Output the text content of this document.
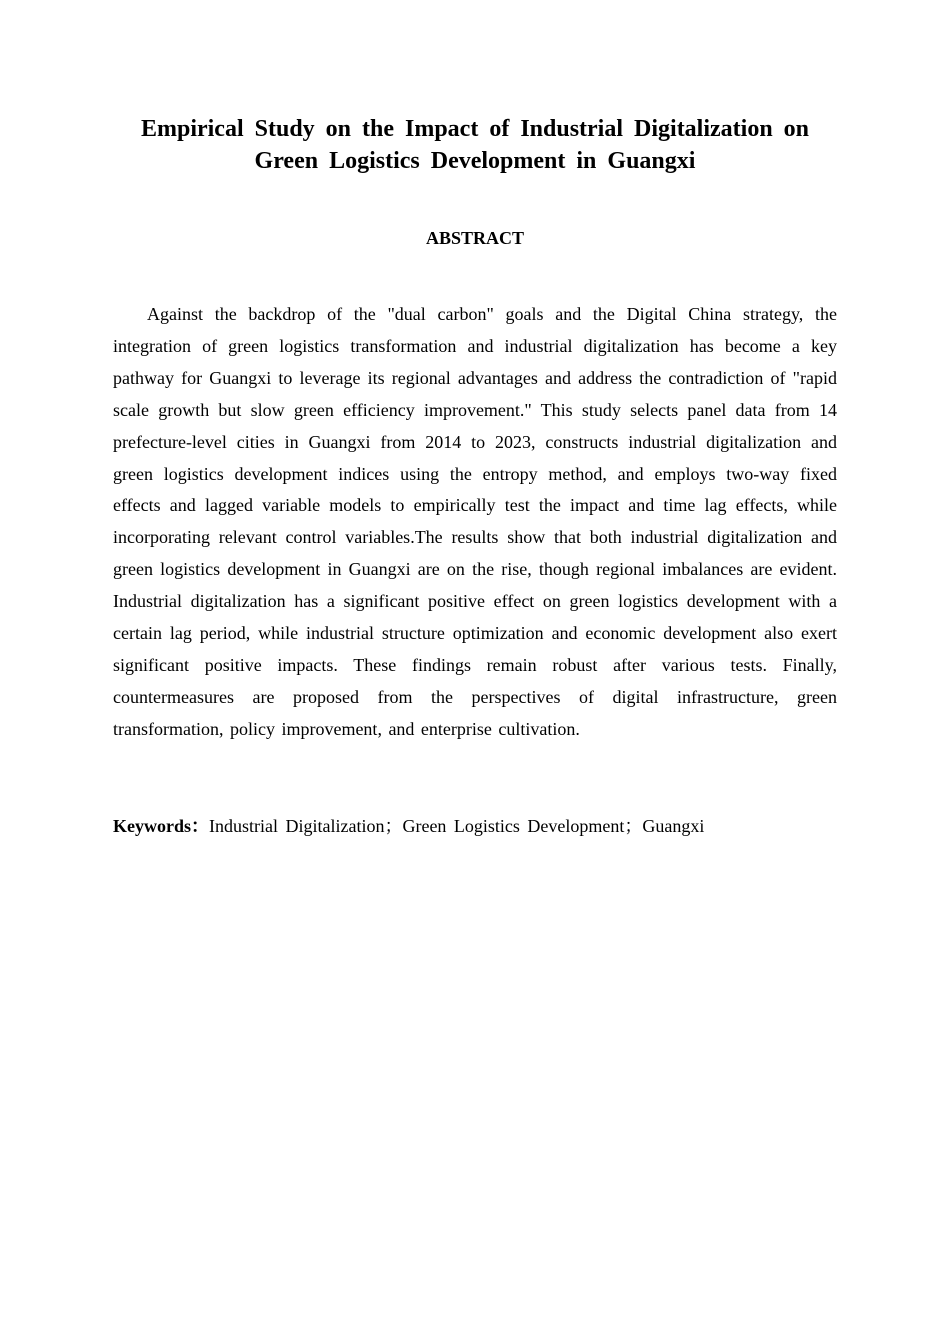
Empirical Study on the Impact of Industrial Digitalization on Green Logistics Development in Guangxi
ABSTRACT

Against the backdrop of the "dual carbon" goals and the Digital China strategy, the integration of green logistics transformation and industrial digitalization has become a key pathway for Guangxi to leverage its regional advantages and address the contradiction of "rapid scale growth but slow green efficiency improvement." This study selects panel data from 14 prefecture-level cities in Guangxi from 2014 to 2023, constructs industrial digitalization and green logistics development indices using the entropy method, and employs two-way fixed effects and lagged variable models to empirically test the impact and time lag effects, while incorporating relevant control variables.The results show that both industrial digitalization and green logistics development in Guangxi are on the rise, though regional imbalances are evident. Industrial digitalization has a significant positive effect on green logistics development with a certain lag period, while industrial structure optimization and economic development also exert significant positive impacts. These findings remain robust after various tests. Finally, countermeasures are proposed from the perspectives of digital infrastructure, green transformation, policy improvement, and enterprise cultivation.

Keywords：Industrial Digitalization；Green Logistics Development；Guangxi
